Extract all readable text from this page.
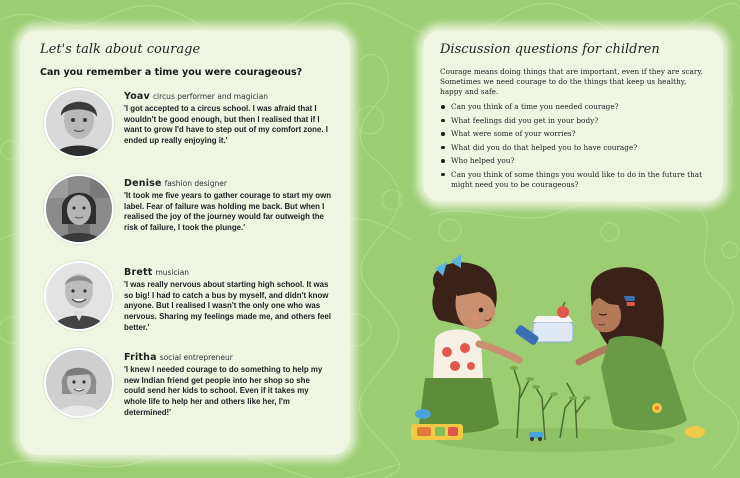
Let's talk about courage
Can you remember a time you were courageous?
Yoav circus performer and magician
'I got accepted to a circus school. I was afraid that I wouldn't be good enough, but then I realised that if I want to grow I'd have to step out of my comfort zone. I ended up really enjoying it.'
Denise fashion designer
'It took me five years to gather courage to start my own label. Fear of failure was holding me back. But when I realised the joy of the journey would far outweigh the risk of failure, I took the plunge.'
Brett musician
'I was really nervous about starting high school. It was so big! I had to catch a bus by myself, and didn't know anyone. But I realised I wasn't the only one who was nervous. Sharing my feelings made me, and others feel better.'
Fritha social entrepreneur
'I knew I needed courage to do something to help my new Indian friend get people into her shop so she could send her kids to school. Even if it takes my whole life to help her and others like her, I'm determined!'
Discussion questions for children
Courage means doing things that are important, even if they are scary. Sometimes we need courage to do the things that keep us healthy, happy and safe.
Can you think of a time you needed courage?
What feelings did you get in your body?
What were some of your worries?
What did you do that helped you to have courage?
Who helped you?
Can you think of some things you would like to do in the future that might need you to be courageous?
